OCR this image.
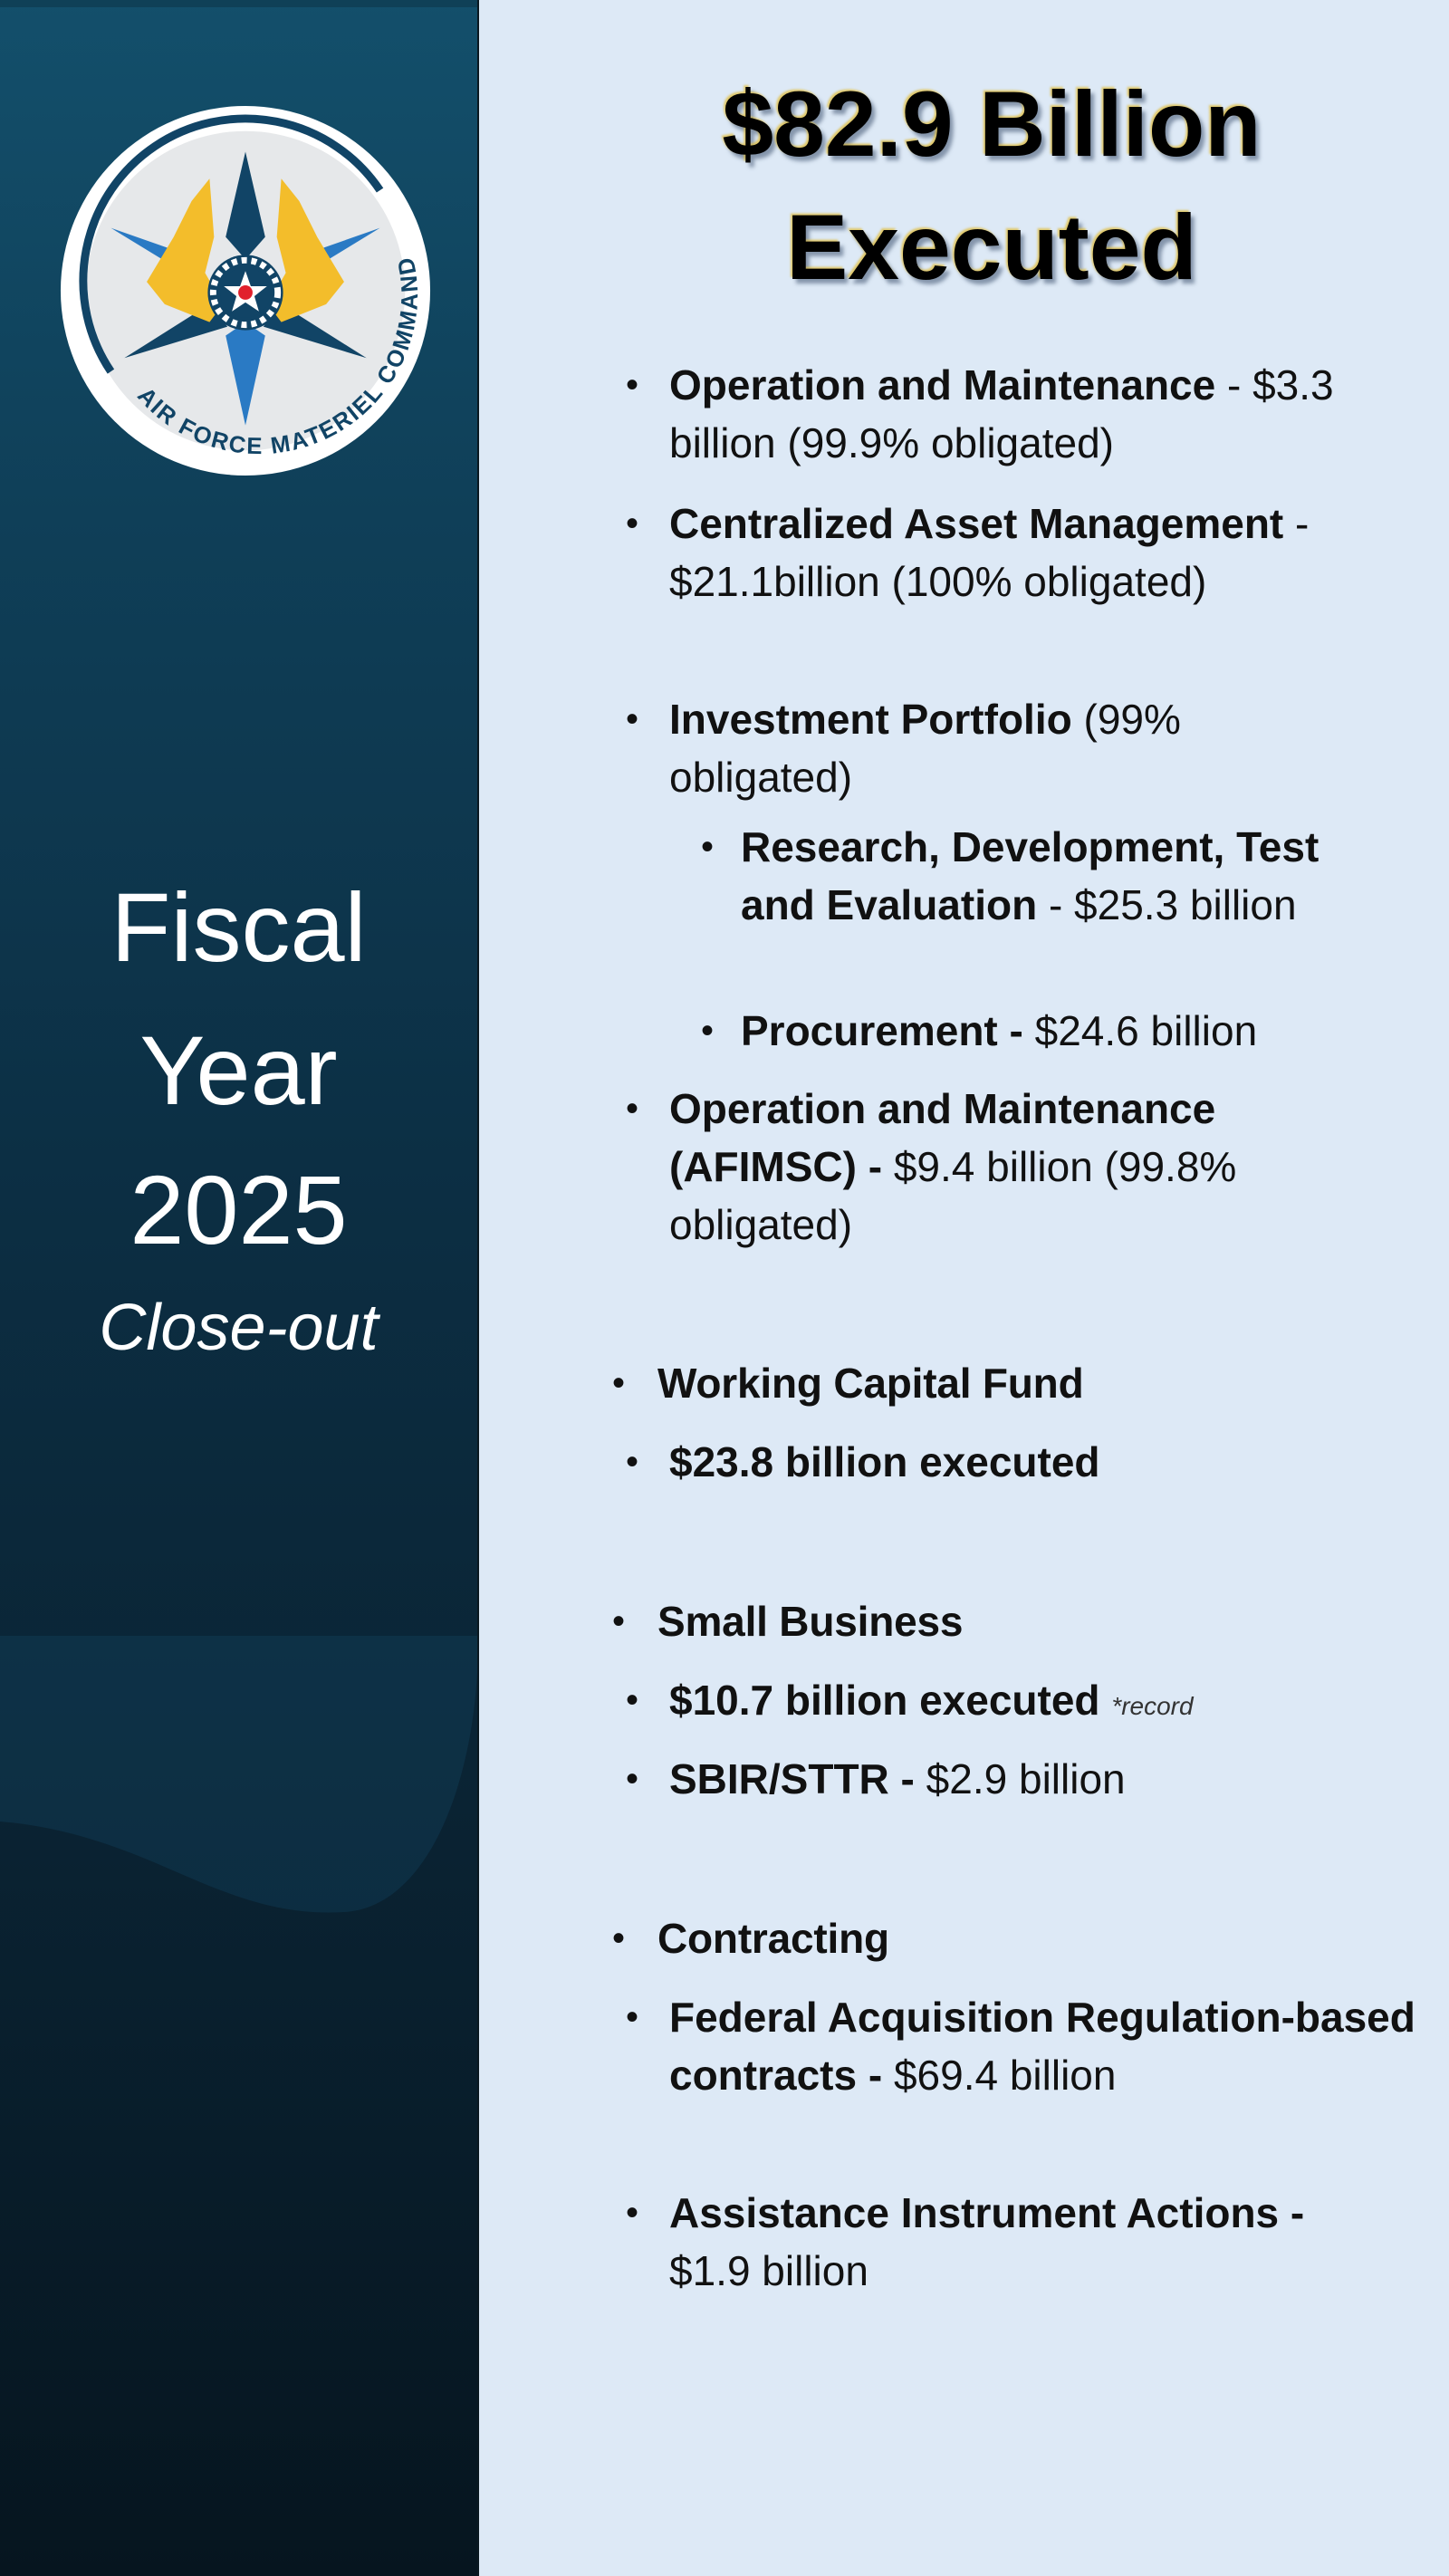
AIR FORCE MATERIEL COMMAND
Fiscal
Year
2025
Close-out
$82.9 Billion
Executed
• Operation and Maintenance - $3.3 billion (99.9% obligated)
• Centralized Asset Management - $21.1billion (100% obligated)
• Investment Portfolio (99% obligated)
• Research, Development, Test and Evaluation - $25.3 billion
• Procurement - $24.6 billion
• Operation and Maintenance (AFIMSC) - $9.4 billion (99.8% obligated)
• Working Capital Fund
• $23.8 billion executed
• Small Business
• $10.7 billion executed *record
• SBIR/STTR - $2.9 billion
• Contracting
• Federal Acquisition Regulation-based contracts - $69.4 billion
• Assistance Instrument Actions - $1.9 billion
